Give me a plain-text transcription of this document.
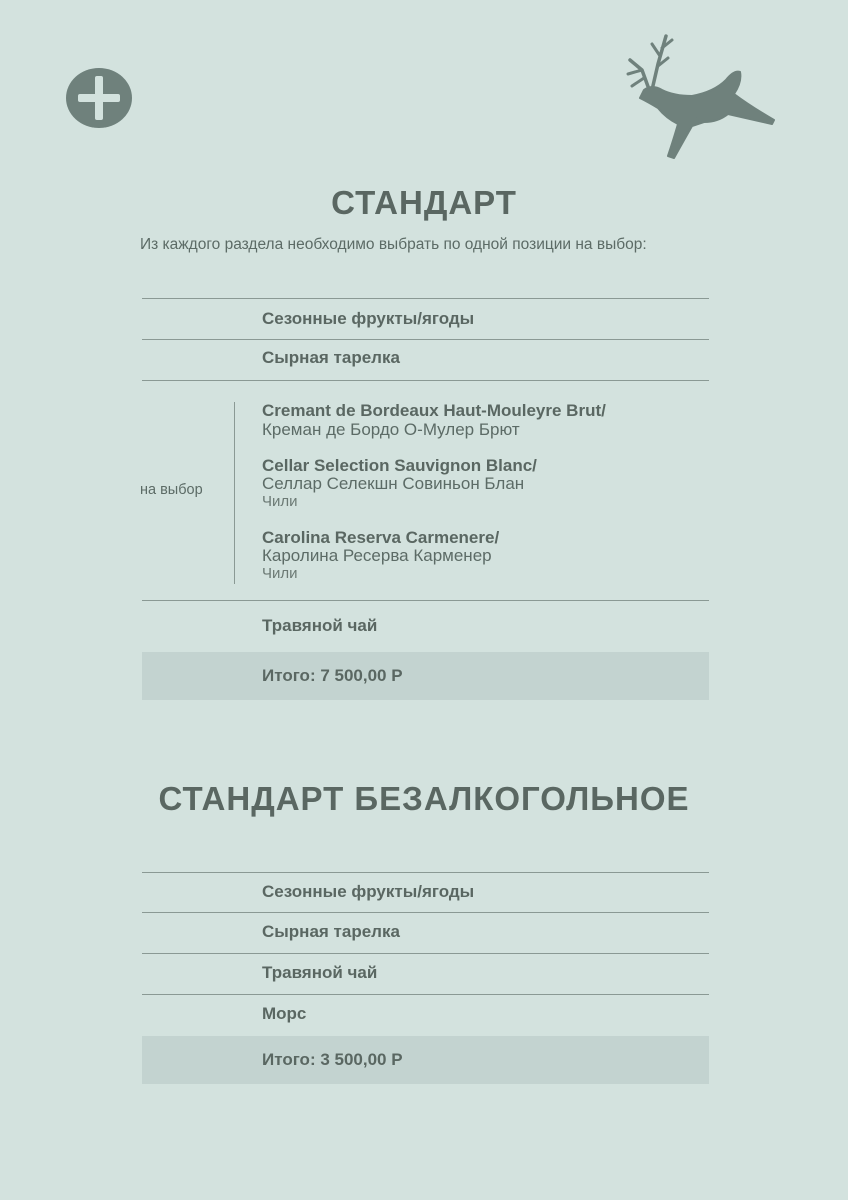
СТАНДАРТ
Из каждого раздела необходимо выбрать по одной позиции на выбор:
Сезонные фрукты/ягоды
Сырная тарелка
на выбор
Cremant de Bordeaux Haut-Mouleyre Brut/
Креман де Бордо О-Мулер Брют
Cellar Selection Sauvignon Blanc/
Селлар Селекшн Совиньон Блан
Чили
Carolina Reserva Carmenere/
Каролина Ресерва Карменер
Чили
Травяной чай
Итого: 7 500,00 Р
СТАНДАРТ БЕЗАЛКОГОЛЬНОЕ
Сезонные фрукты/ягоды
Сырная тарелка
Травяной чай
Морс
Итого: 3 500,00 Р
